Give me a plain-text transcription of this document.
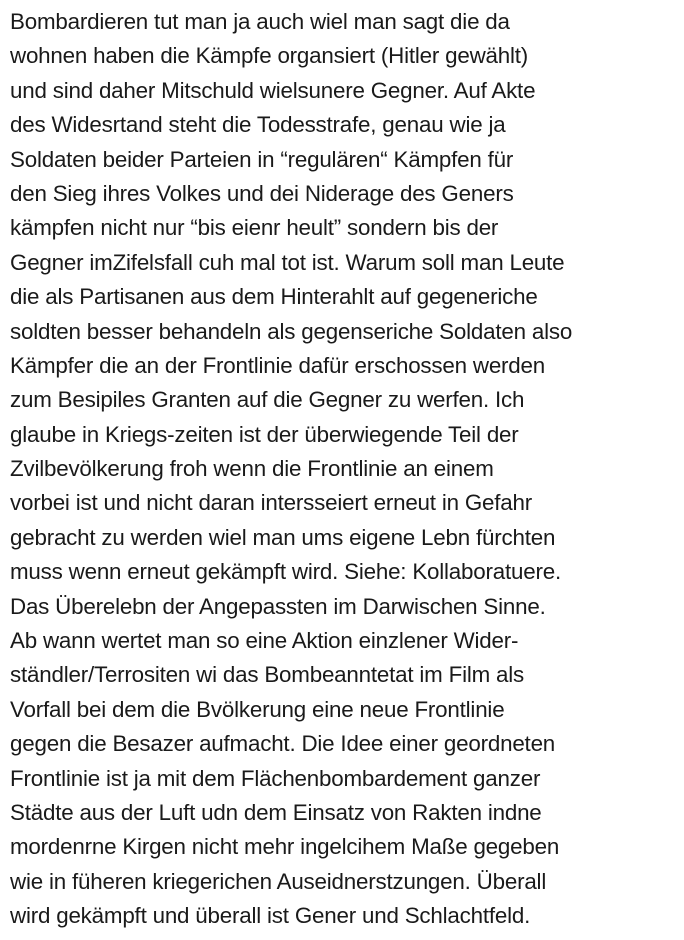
Bombardieren tut man ja auch wiel man sagt die da
wohnen haben die Kämpfe organsiert (Hitler gewählt)
und sind daher Mitschuld wielsunere Gegner. Auf Akte
des Widesrtand steht die Todesstrafe, genau wie ja
Soldaten beider Parteien in “regulären“ Kämpfen für
den Sieg ihres Volkes und dei Niderage des Geners
kämpfen nicht nur “bis eienr heult” sondern bis der
Gegner imZifelsfall cuh mal tot ist. Warum soll man Leute
die als Partisanen aus dem Hinterahlt auf gegeneriche
soldten besser behandeln als gegenseriche Soldaten also
Kämpfer die an der Frontlinie dafür erschossen werden
zum Besipiles Granten auf die Gegner zu werfen. Ich
glaube in Kriegs-zeiten ist der überwiegende Teil der
Zvilbevölkerung froh wenn die Frontlinie an einem
vorbei ist und nicht daran intersseiert erneut in Gefahr
gebracht zu werden wiel man ums eigene Lebn fürchten
muss wenn erneut gekämpft wird. Siehe: Kollaboratuere.
Das Überelebn der Angepassten im Darwischen Sinne.
Ab wann wertet man so eine Aktion einzlener Wider-
ständler/Terrositen wi das Bombeanntetat im Film als
Vorfall bei dem die Bvölkerung eine neue Frontlinie
gegen die Besazer aufmacht. Die Idee einer geordneten
Frontlinie ist ja mit dem Flächenbombardement ganzer
Städte aus der Luft udn dem Einsatz von Rakten indne
mordenrne Kirgen nicht mehr ingelcihem Maße gegeben
wie in füheren kriegerichen Auseidnerstzungen. Überall
wird gekämpft und überall ist Gener und Schlachtfeld.
